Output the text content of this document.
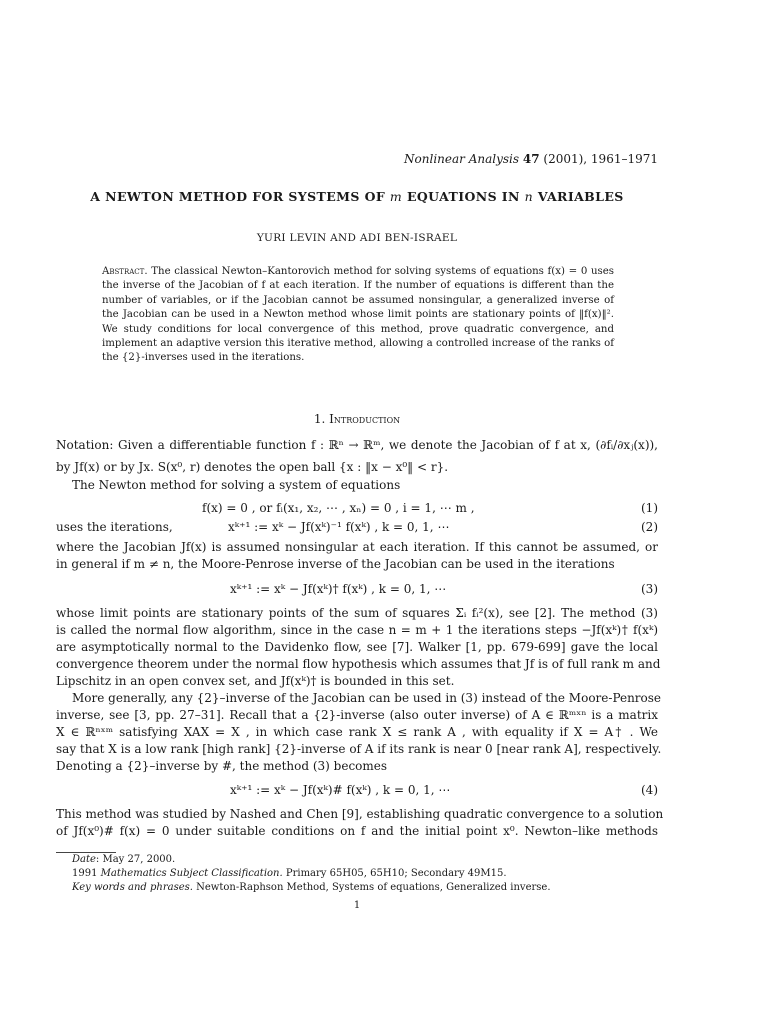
Nonlinear Analysis 47 (2001), 1961–1971
A NEWTON METHOD FOR SYSTEMS OF m EQUATIONS IN n VARIABLES
YURI LEVIN AND ADI BEN-ISRAEL
Abstract. The classical Newton–Kantorovich method for solving systems of equations f(x) = 0 uses the inverse of the Jacobian of f at each iteration. If the number of equations is different than the number of variables, or if the Jacobian cannot be assumed nonsingular, a generalized inverse of the Jacobian can be used in a Newton method whose limit points are stationary points of ‖f(x)‖². We study conditions for local convergence of this method, prove quadratic convergence, and implement an adaptive version this iterative method, allowing a controlled increase of the ranks of the {2}-inverses used in the iterations.
1. Introduction
Notation: Given a differentiable function f : ℝⁿ → ℝᵐ, we denote the Jacobian of f at x, (∂fᵢ/∂xⱼ(x)),
by Jf(x) or by Jx. S(x⁰, r) denotes the open ball {x : ‖x − x⁰‖ < r}.
The Newton method for solving a system of equations
f(x) = 0 , or fᵢ(x₁, x₂, ⋯ , xₙ) = 0 , i = 1, ⋯ m ,	(1)
uses the iterations,	xᵏ⁺¹ := xᵏ − Jf(xᵏ)⁻¹ f(xᵏ) , k = 0, 1, ⋯	(2)
where the Jacobian Jf(x) is assumed nonsingular at each iteration. If this cannot be assumed, or
in general if m ≠ n, the Moore-Penrose inverse of the Jacobian can be used in the iterations
xᵏ⁺¹ := xᵏ − Jf(xᵏ)† f(xᵏ) , k = 0, 1, ⋯	(3)
whose limit points are stationary points of the sum of squares Σᵢ fᵢ²(x), see [2]. The method (3)
is called the normal flow algorithm, since in the case n = m + 1 the iterations steps −Jf(xᵏ)† f(xᵏ)
are asymptotically normal to the Davidenko flow, see [7]. Walker [1, pp. 679-699] gave the local
convergence theorem under the normal flow hypothesis which assumes that Jf is of full rank m and
Lipschitz in an open convex set, and Jf(xᵏ)† is bounded in this set.
More generally, any {2}–inverse of the Jacobian can be used in (3) instead of the Moore-Penrose
inverse, see [3, pp. 27–31]. Recall that a {2}-inverse (also outer inverse) of A ∈ ℝᵐˣⁿ is a matrix
X ∈ ℝⁿˣᵐ satisfying XAX = X , in which case rank X ≤ rank A , with equality if X = A† . We
say that X is a low rank [high rank] {2}-inverse of A if its rank is near 0 [near rank A], respectively.
Denoting a {2}–inverse by #, the method (3) becomes
xᵏ⁺¹ := xᵏ − Jf(xᵏ)# f(xᵏ) , k = 0, 1, ⋯	(4)
This method was studied by Nashed and Chen [9], establishing quadratic convergence to a solution
of Jf(x⁰)# f(x) = 0 under suitable conditions on f and the initial point x⁰. Newton–like methods
Date: May 27, 2000.
1991 Mathematics Subject Classification. Primary 65H05, 65H10; Secondary 49M15.
Key words and phrases. Newton-Raphson Method, Systems of equations, Generalized inverse.
1
